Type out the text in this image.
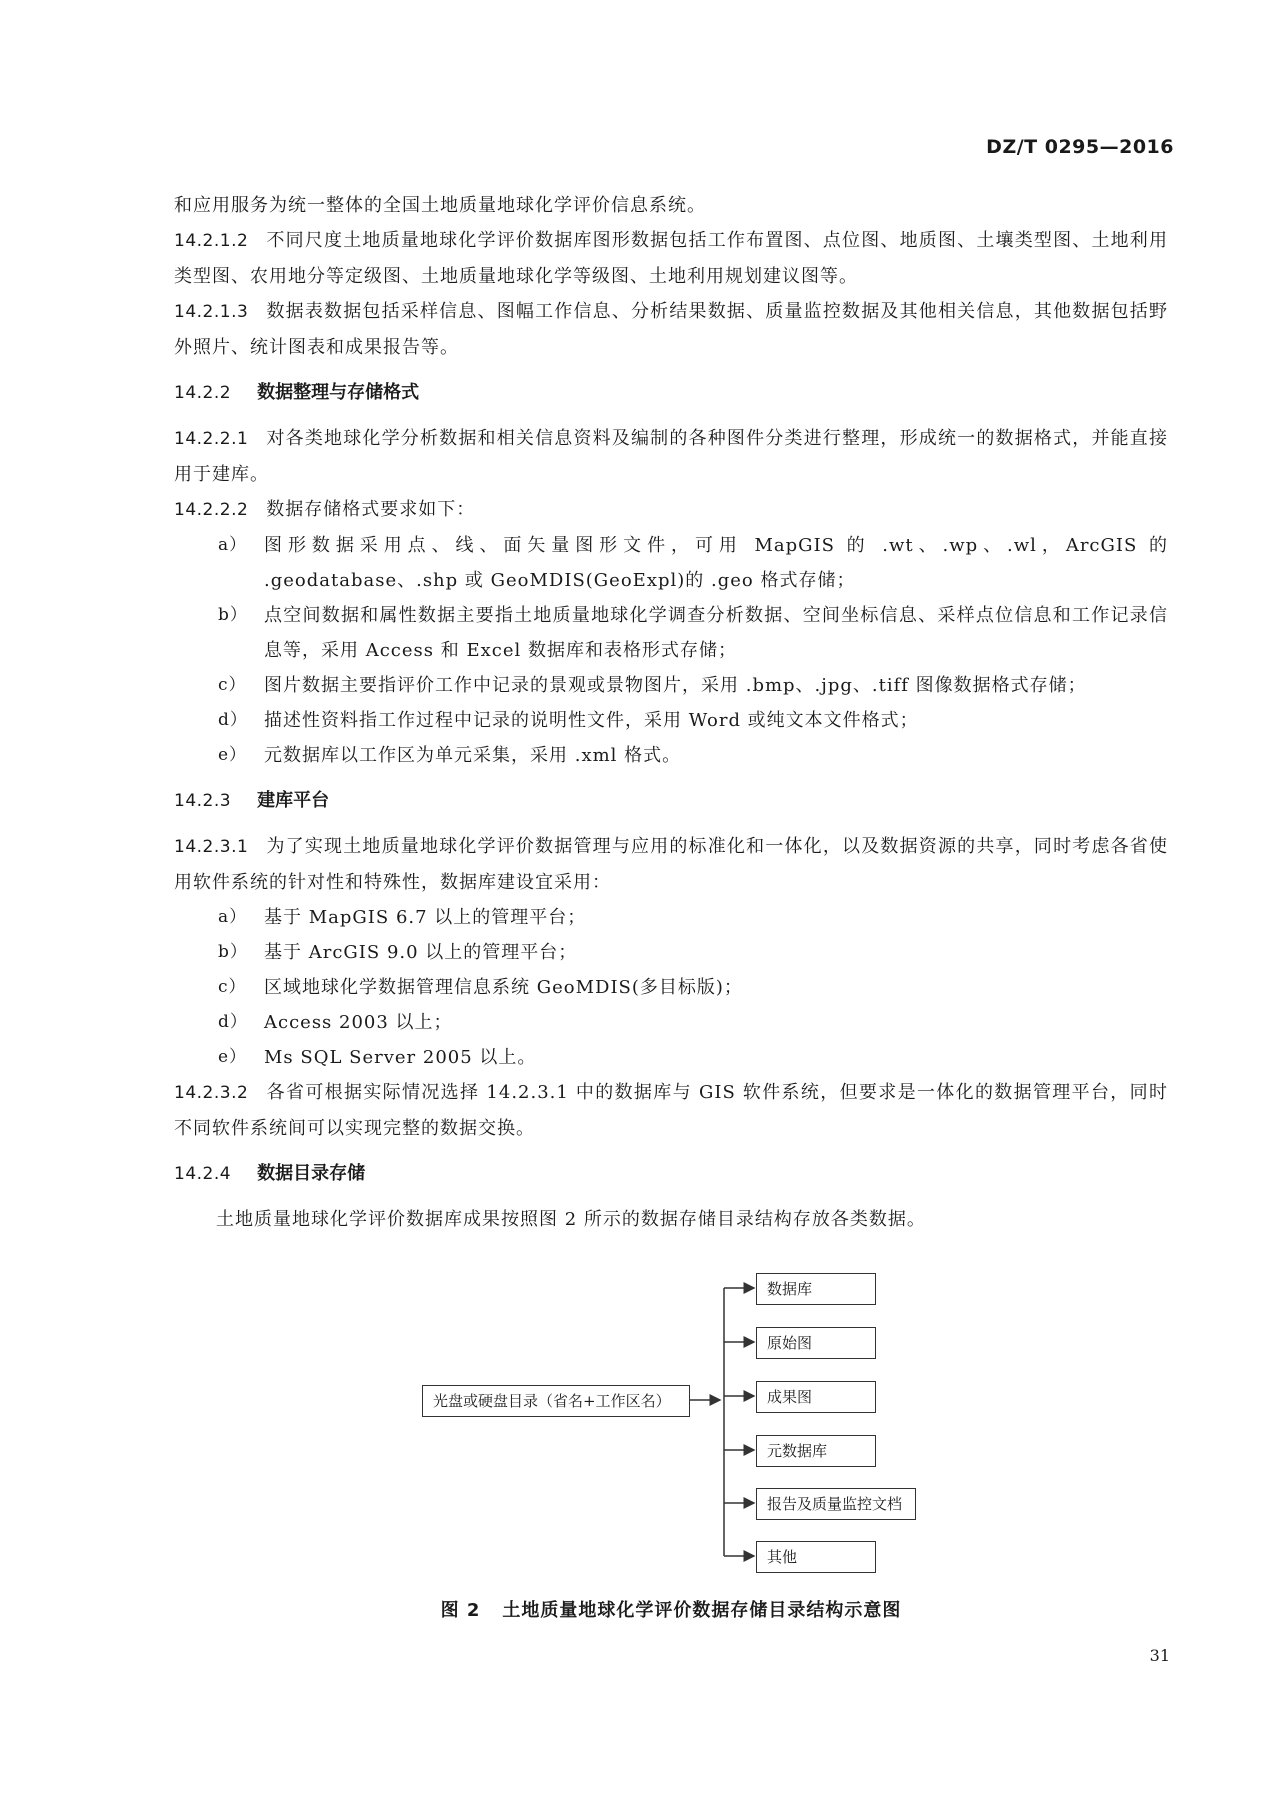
DZ/T 0295—2016

和应用服务为统一整体的全国土地质量地球化学评价信息系统。

14.2.1.2 不同尺度土地质量地球化学评价数据库图形数据包括工作布置图、点位图、地质图、土壤类型图、土地利用类型图、农用地分等定级图、土地质量地球化学等级图、土地利用规划建议图等。

14.2.1.3 数据表数据包括采样信息、图幅工作信息、分析结果数据、质量监控数据及其他相关信息，其他数据包括野外照片、统计图表和成果报告等。

14.2.2 数据整理与存储格式

14.2.2.1 对各类地球化学分析数据和相关信息资料及编制的各种图件分类进行整理，形成统一的数据格式，并能直接用于建库。

14.2.2.2 数据存储格式要求如下：

a） 图形数据采用点、线、面矢量图形文件，可用 MapGIS 的 .wt、.wp、.wl，ArcGIS 的 .geodatabase、.shp 或 GeoMDIS(GeoExpl)的 .geo 格式存储；
b） 点空间数据和属性数据主要指土地质量地球化学调查分析数据、空间坐标信息、采样点位信息和工作记录信息等，采用 Access 和 Excel 数据库和表格形式存储；
c） 图片数据主要指评价工作中记录的景观或景物图片，采用 .bmp、.jpg、.tiff 图像数据格式存储；
d） 描述性资料指工作过程中记录的说明性文件，采用 Word 或纯文本文件格式；
e） 元数据库以工作区为单元采集，采用 .xml 格式。
14.2.3 建库平台

14.2.3.1 为了实现土地质量地球化学评价数据管理与应用的标准化和一体化，以及数据资源的共享，同时考虑各省使用软件系统的针对性和特殊性，数据库建设宜采用：

a） 基于 MapGIS 6.7 以上的管理平台；
b） 基于 ArcGIS 9.0 以上的管理平台；
c） 区域地球化学数据管理信息系统 GeoMDIS(多目标版)；
d） Access 2003 以上；
e） Ms SQL Server 2005 以上。

14.2.3.2 各省可根据实际情况选择 14.2.3.1 中的数据库与 GIS 软件系统，但要求是一体化的数据管理平台，同时不同软件系统间可以实现完整的数据交换。

14.2.4 数据目录存储

土地质量地球化学评价数据库成果按照图 2 所示的数据存储目录结构存放各类数据。

光盘或硬盘目录（省名+工作区名）
数据库
原始图
成果图
元数据库
报告及质量监控文档
其他
图 2 土地质量地球化学评价数据存储目录结构示意图
31
